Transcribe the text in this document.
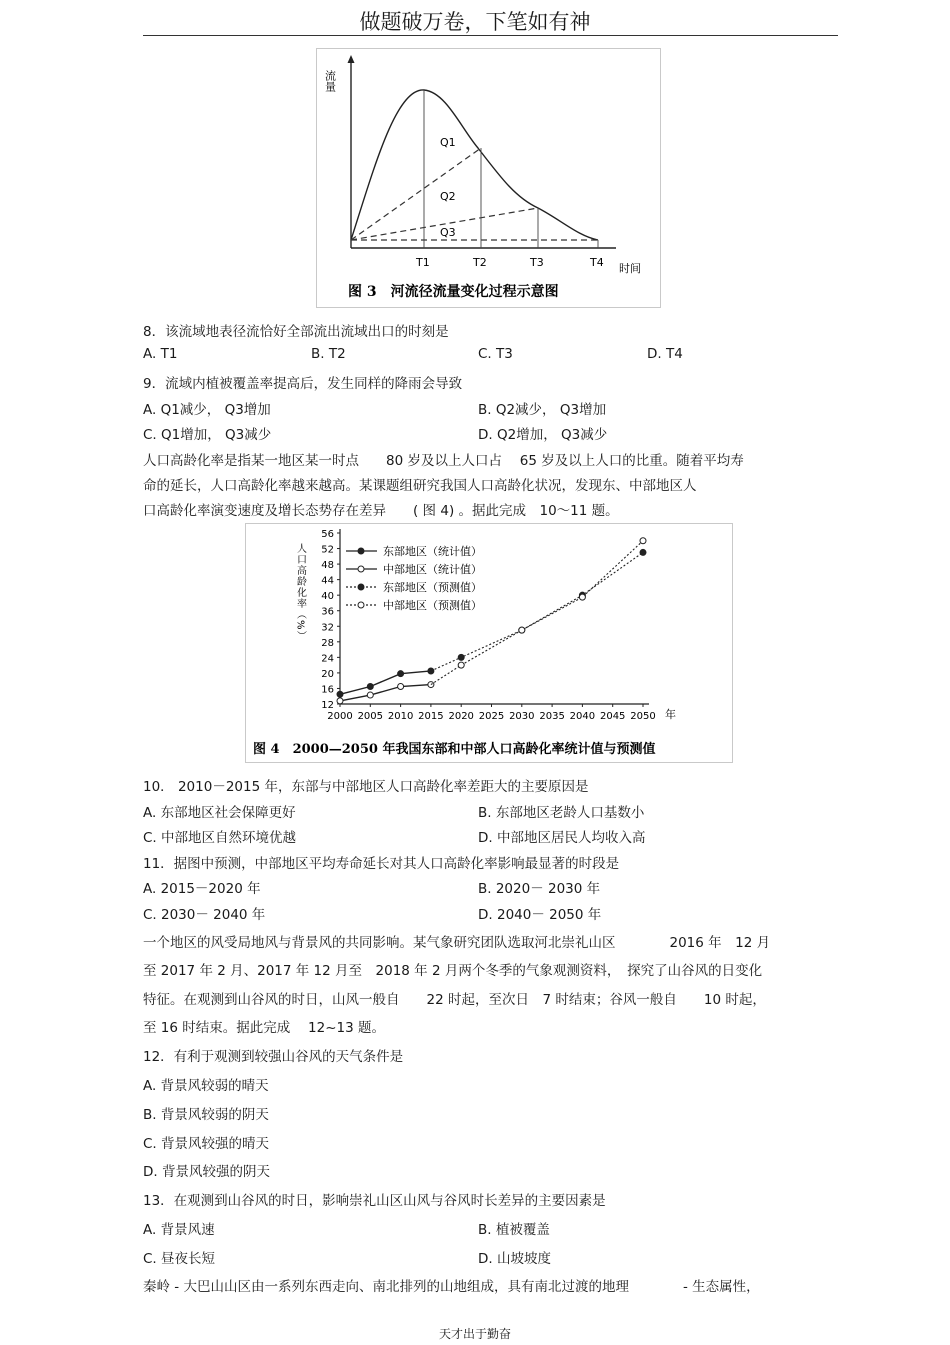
做题破万卷，下笔如有神
流量
时间
Q1
Q2
Q3
T1	T2	T3	T4
图 3　河流径流量变化过程示意图
8．该流域地表径流恰好全部流出流域出口的时刻是
A. T1	B. T2	C. T3	D. T4
9．流域内植被覆盖率提高后，发生同样的降雨会导致
A. Q1减少， Q3增加	B. Q2减少， Q3增加
C. Q1增加， Q3减少	D. Q2增加， Q3减少
人口高龄化率是指某一地区某一时点　　80 岁及以上人口占　 65 岁及以上人口的比重。随着平均寿
命的延长，人口高龄化率越来越高。某课题组研究我国人口高龄化状况，发现东、中部地区人
口高龄化率演变速度及增长态势存在差异　　( 图 4) 。据此完成　10～11 题。
12
16
20
24
28
32
36
40
44
48
52
56
2000 2005 2010 2015 2020 2025 2030 2035 2040 2045 2050 年
人口高龄化率（%）	东部地区（统计值）
中部地区（统计值）
东部地区（预测值）
中部地区（预测值）
图 4　2000—2050 年我国东部和中部人口高龄化率统计值与预测值
10． 2010－2015 年，东部与中部地区人口高龄化率差距大的主要原因是
A. 东部地区社会保障更好	B. 东部地区老龄人口基数小
C. 中部地区自然环境优越	D. 中部地区居民人均收入高
11．据图中预测，中部地区平均寿命延长对其人口高龄化率影响最显著的时段是
A. 2015－2020 年	B. 2020－ 2030 年
C. 2030－ 2040 年	D. 2040－ 2050 年
一个地区的风受局地风与背景风的共同影响。某气象研究团队选取河北崇礼山区　　　　2016 年　12 月
至 2017 年 2 月、2017 年 12 月至　2018 年 2 月两个冬季的气象观测资料，　探究了山谷风的日变化
特征。在观测到山谷风的时日，山风一般自　　22 时起，至次日　7 时结束；谷风一般自　　10 时起，
至 16 时结束。据此完成　 12~13 题。
12．有利于观测到较强山谷风的天气条件是
A. 背景风较弱的晴天
B. 背景风较弱的阴天
C. 背景风较强的晴天
D. 背景风较强的阴天
13．在观测到山谷风的时日，影响崇礼山区山风与谷风时长差异的主要因素是
A. 背景风速	B. 植被覆盖
C. 昼夜长短	D. 山坡坡度
秦岭 - 大巴山山区由一系列东西走向、南北排列的山地组成，具有南北过渡的地理　　　　- 生态属性，
天才出于勤奋
